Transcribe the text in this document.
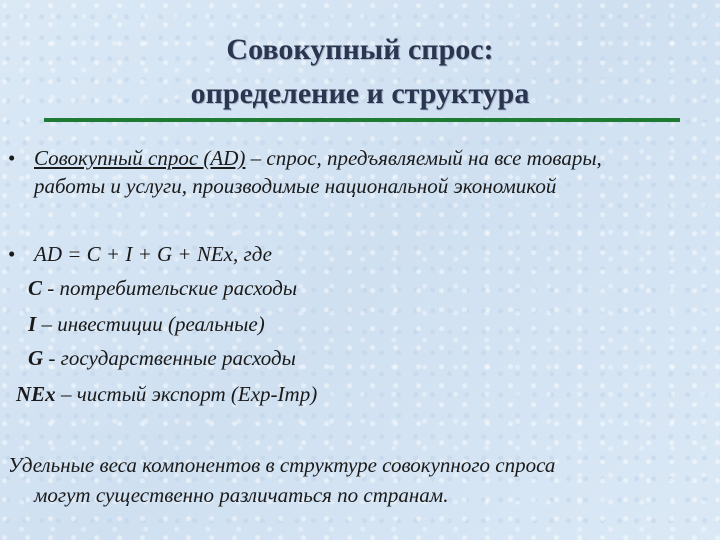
Совокупный спрос:
определение и структура
• Совокупный спрос (AD) – спрос, предъявляемый на все товары,
работы и услуги, производимые национальной экономикой
• AD = C + I + G + NEx, где
C - потребительские расходы
I – инвестиции (реальные)
G - государственные расходы
NEx – чистый экспорт (Exp-Imp)
Удельные веса компонентов в структуре совокупного спроса

могут существенно различаться по странам.
